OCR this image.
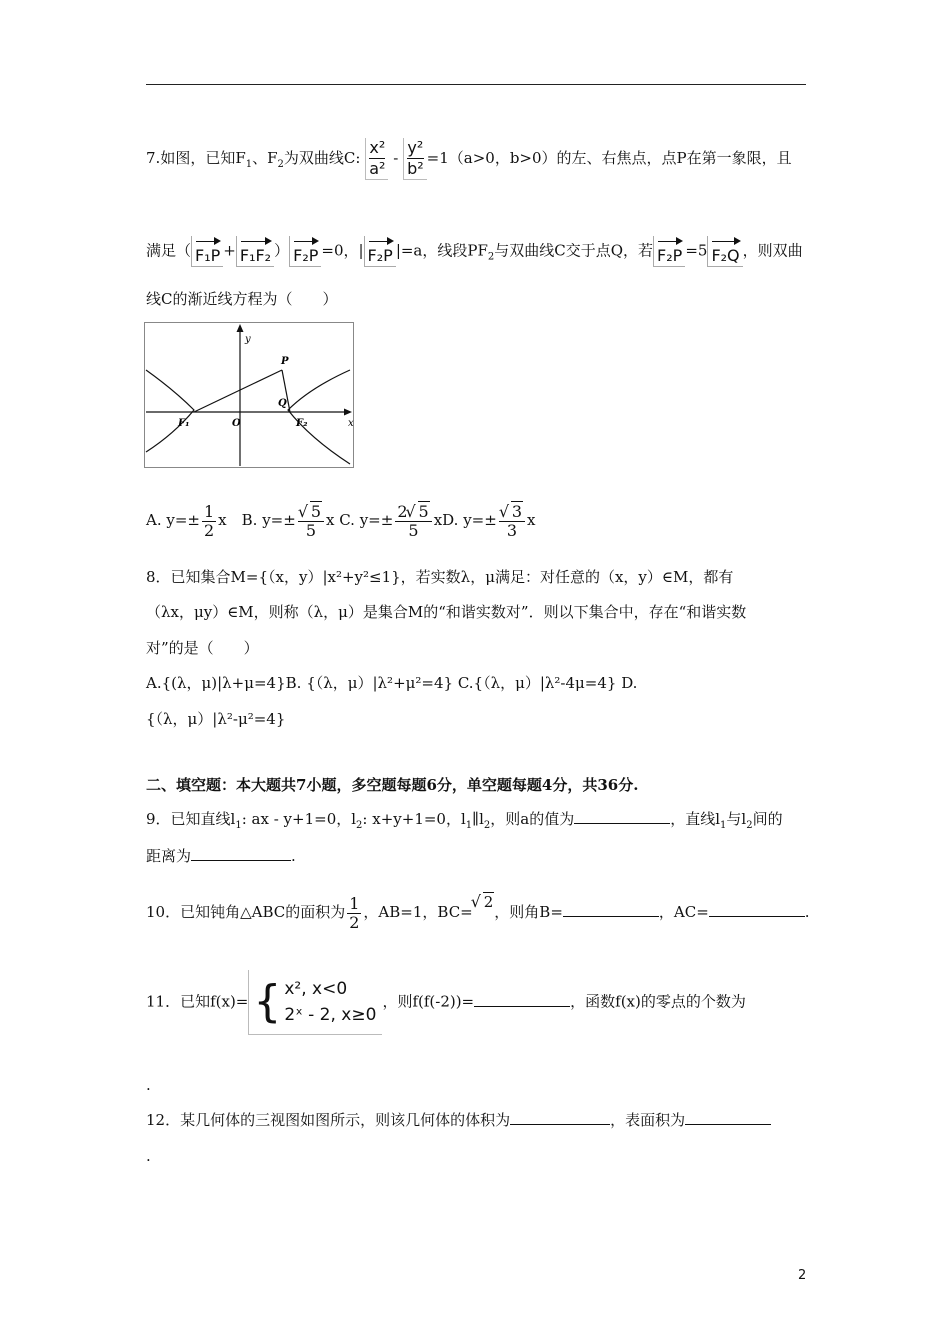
7.如图，已知$F_1$、$F_2$为双曲线C: $\frac{\text{x²}}{\text{a²}} - \frac{\text{y²}}{\text{b²}} =1(a>0$，b>0）的左、右焦点，点P在第一象限，且
满足（ F₁P + F₁F₂ ） F₂P =0，| F₂P |=a，线段$PF_2$与双曲线C交于点Q，若 F₂P =5 F₂Q ，则双曲
线C的渐近线方程为（　　）
y
x
P
Q
O
F₁	F₂
A. $y=\pm \frac{1}{2}$ x　B. y=± √ $\frac{5}{5}$ x C. $y=\pm \frac{2 √ 5}{5}$ xD. y=± √ $\frac{3}{3}$ x
8．已知集合M={（x，y）|x²+y²≤1}，若实数λ，μ满足：对任意的（x，y）∈M，都有
（λx，μy）∈M，则称（λ，μ）是集合M的“和谐实数对”．则以下集合中，存在“和谐实数
对”的是（　　）
A.{(λ，μ)|λ+μ=4}B. {（λ，μ）|λ²+μ²=4} C.{（λ，μ）|λ²-4μ=4} D.
{（λ，μ）|λ²-μ²=4}
二、填空题：本大题共7小题，多空题每题6分，单空题每题4分，共36分.
9．已知直线$l_1$: ax - y+1=0，$l_2$: x+y+1=0，$l_1\parallel l_2$，则a的值为	，直线$l_1$与$l_2$间的
距离为	.
10．已知钝角△ABC的面积为 $\frac{1}{2}$ ，AB=1，BC=√ 2，则角B=	，AC=	.
11．已知f(x)= { x², x<0
2ˣ - 2, x≥0
，则f(f(-2))=	，函数f(x)的零点的个数为
.
12．某几何体的三视图如图所示，则该几何体的体积为	，表面积为
.
2
